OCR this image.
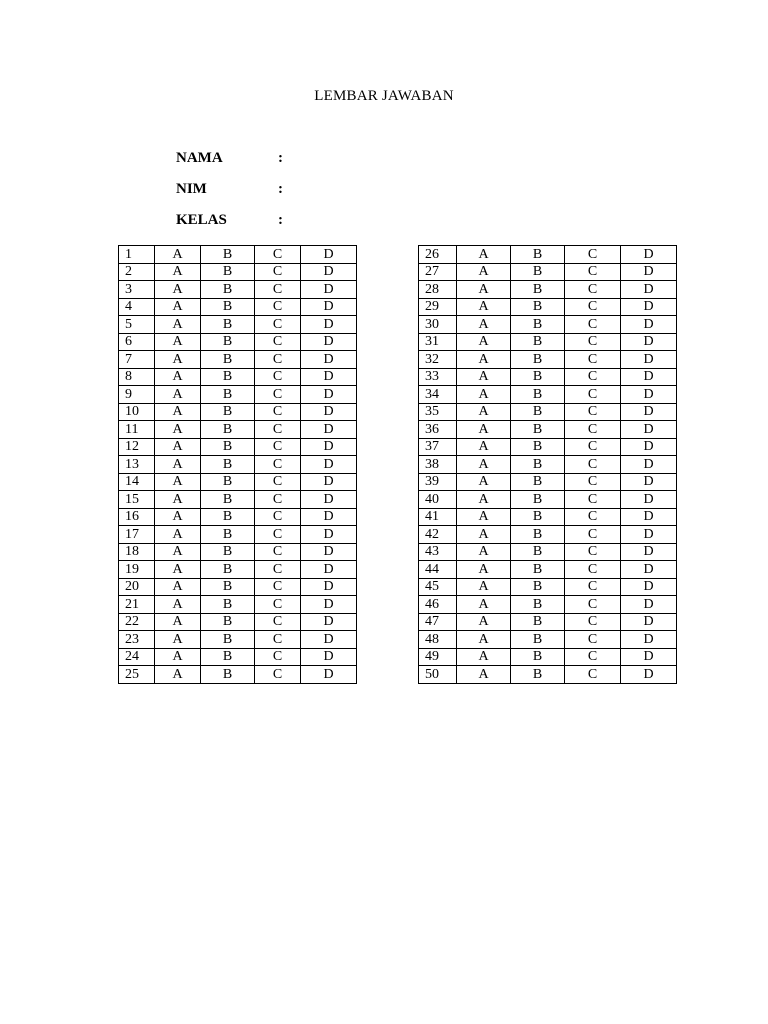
LEMBAR JAWABAN
NAMA	:
NIM	:
KELAS	:
1	A	B	C	D
2	A	B	C	D
3	A	B	C	D
4	A	B	C	D
5	A	B	C	D
6	A	B	C	D
7	A	B	C	D
8	A	B	C	D
9	A	B	C	D
10	A	B	C	D
11	A	B	C	D
12	A	B	C	D
13	A	B	C	D
14	A	B	C	D
15	A	B	C	D
16	A	B	C	D
17	A	B	C	D
18	A	B	C	D
19	A	B	C	D
20	A	B	C	D
21	A	B	C	D
22	A	B	C	D
23	A	B	C	D
24	A	B	C	D
25	A	B	C	D
26	A	B	C	D
27	A	B	C	D
28	A	B	C	D
29	A	B	C	D
30	A	B	C	D
31	A	B	C	D
32	A	B	C	D
33	A	B	C	D
34	A	B	C	D
35	A	B	C	D
36	A	B	C	D
37	A	B	C	D
38	A	B	C	D
39	A	B	C	D
40	A	B	C	D
41	A	B	C	D
42	A	B	C	D
43	A	B	C	D
44	A	B	C	D
45	A	B	C	D
46	A	B	C	D
47	A	B	C	D
48	A	B	C	D
49	A	B	C	D
50	A	B	C	D
